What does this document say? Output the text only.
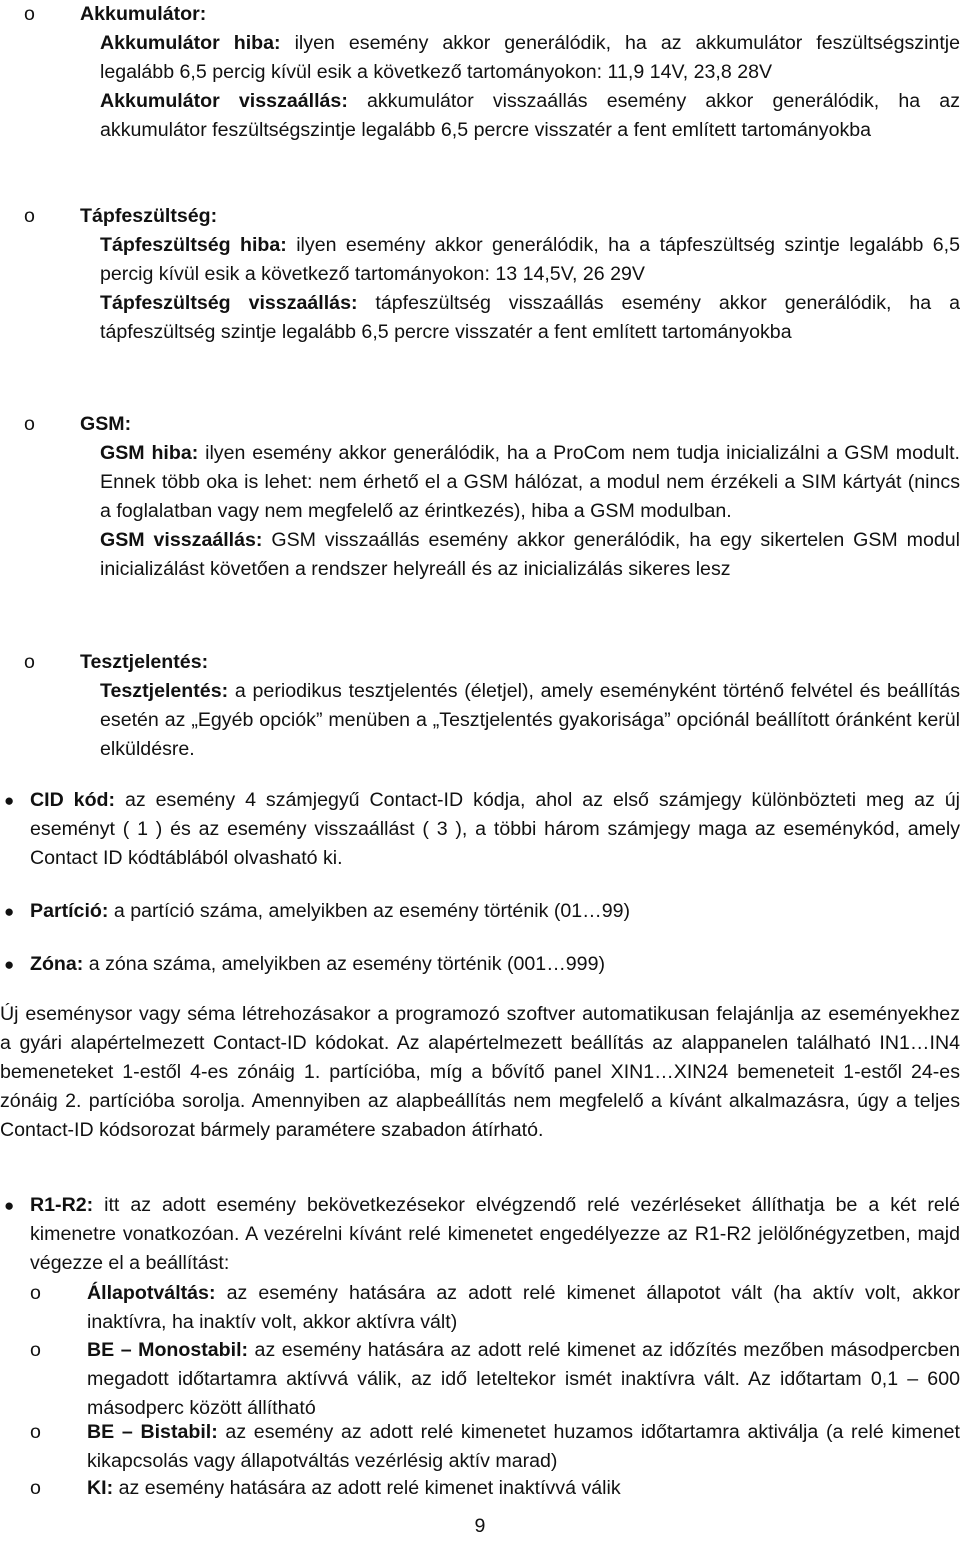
o Akkumulátor:

Akkumulátor hiba: ilyen esemény akkor generálódik, ha az akkumulátor feszültségszintje legalább 6,5 percig kívül esik a következő tartományokon: 11,9 14V, 23,8 28V

Akkumulátor visszaállás: akkumulátor visszaállás esemény akkor generálódik, ha az akkumulátor feszültségszintje legalább 6,5 percre visszatér a fent említett tartományokba

o Tápfeszültség:

Tápfeszültség hiba: ilyen esemény akkor generálódik, ha a tápfeszültség szintje legalább 6,5 percig kívül esik a következő tartományokon: 13 14,5V, 26 29V

Tápfeszültség visszaállás: tápfeszültség visszaállás esemény akkor generálódik, ha a tápfeszültség szintje legalább 6,5 percre visszatér a fent említett tartományokba

o GSM:

GSM hiba: ilyen esemény akkor generálódik, ha a ProCom nem tudja inicializálni a GSM modult. Ennek több oka is lehet: nem érhető el a GSM hálózat, a modul nem érzékeli a SIM kártyát (nincs a foglalatban vagy nem megfelelő az érintkezés), hiba a GSM modulban.

GSM visszaállás: GSM visszaállás esemény akkor generálódik, ha egy sikertelen GSM modul inicializálást követően a rendszer helyreáll és az inicializálás sikeres lesz

o Tesztjelentés:

Tesztjelentés: a periodikus tesztjelentés (életjel), amely eseményként történő felvétel és beállítás esetén az „Egyéb opciók” menüben a „Tesztjelentés gyakorisága” opciónál beállított óránként kerül elküldésre.

● CID kód: az esemény 4 számjegyű Contact-ID kódja, ahol az első számjegy különbözteti meg az új eseményt ( 1 ) és az esemény visszaállást ( 3 ), a többi három számjegy maga az eseménykód, amely Contact ID kódtáblából olvasható ki.

● Partíció: a partíció száma, amelyikben az esemény történik (01…99)

● Zóna: a zóna száma, amelyikben az esemény történik (001…999)

Új eseménysor vagy séma létrehozásakor a programozó szoftver automatikusan felajánlja az eseményekhez a gyári alapértelmezett Contact-ID kódokat. Az alapértelmezett beállítás az alappanelen található IN1…IN4 bemeneteket 1-estől 4-es zónáig 1. partícióba, míg a bővítő panel XIN1…XIN24 bemeneteit 1-estől 24-es zónáig 2. partícióba sorolja. Amennyiben az alapbeállítás nem megfelelő a kívánt alkalmazásra, úgy a teljes Contact-ID kódsorozat bármely paramétere szabadon átírható.

● R1-R2: itt az adott esemény bekövetkezésekor elvégzendő relé vezérléseket állíthatja be a két relé kimenetre vonatkozóan. A vezérelni kívánt relé kimenetet engedélyezze az R1-R2 jelölőnégyzetben, majd végezze el a beállítást:

o Állapotváltás: az esemény hatására az adott relé kimenet állapotot vált (ha aktív volt, akkor inaktívra, ha inaktív volt, akkor aktívra vált)

o BE – Monostabil: az esemény hatására az adott relé kimenet az időzítés mezőben másodpercben megadott időtartamra aktívvá válik, az idő leteltekor ismét inaktívra vált. Az időtartam 0,1 – 600 másodperc között állítható

o BE – Bistabil: az esemény az adott relé kimenetet huzamos időtartamra aktiválja (a relé kimenet kikapcsolás vagy állapotváltás vezérlésig aktív marad)

o KI: az esemény hatására az adott relé kimenet inaktívvá válik

9
